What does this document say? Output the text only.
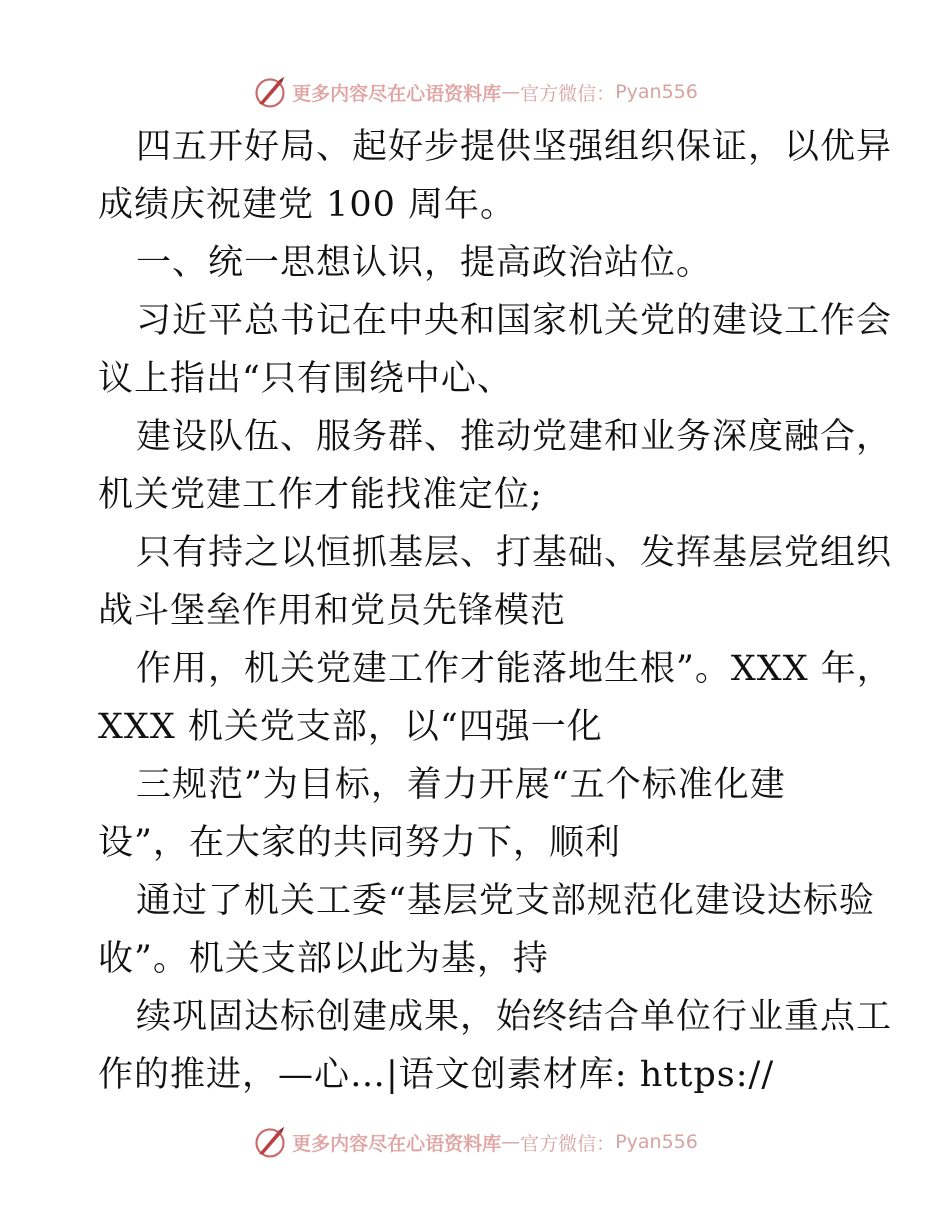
更多内容尽在心语资料库 — 官方微信： Pyan556
四五开好局、起好步提供坚强组织保证，以优异
成绩庆祝建党 100 周年。
一、统一思想认识，提高政治站位。
习近平总书记在中央和国家机关党的建设工作会
议上指出“只有围绕中心、
建设队伍、服务群、推动党建和业务深度融合，
机关党建工作才能找准定位;
只有持之以恒抓基层、打基础、发挥基层党组织
战斗堡垒作用和党员先锋模范
作用，机关党建工作才能落地生根”。XXX 年，
XXX 机关党支部，以“四强一化
三规范”为目标，着力开展“五个标准化建
设”，在大家的共同努力下，顺利
通过了机关工委“基层党支部规范化建设达标验
收”。机关支部以此为基，持
续巩固达标创建成果，始终结合单位行业重点工
作的推进，—心…|语文创素材库: https://
更多内容尽在心语资料库 — 官方微信： Pyan556
